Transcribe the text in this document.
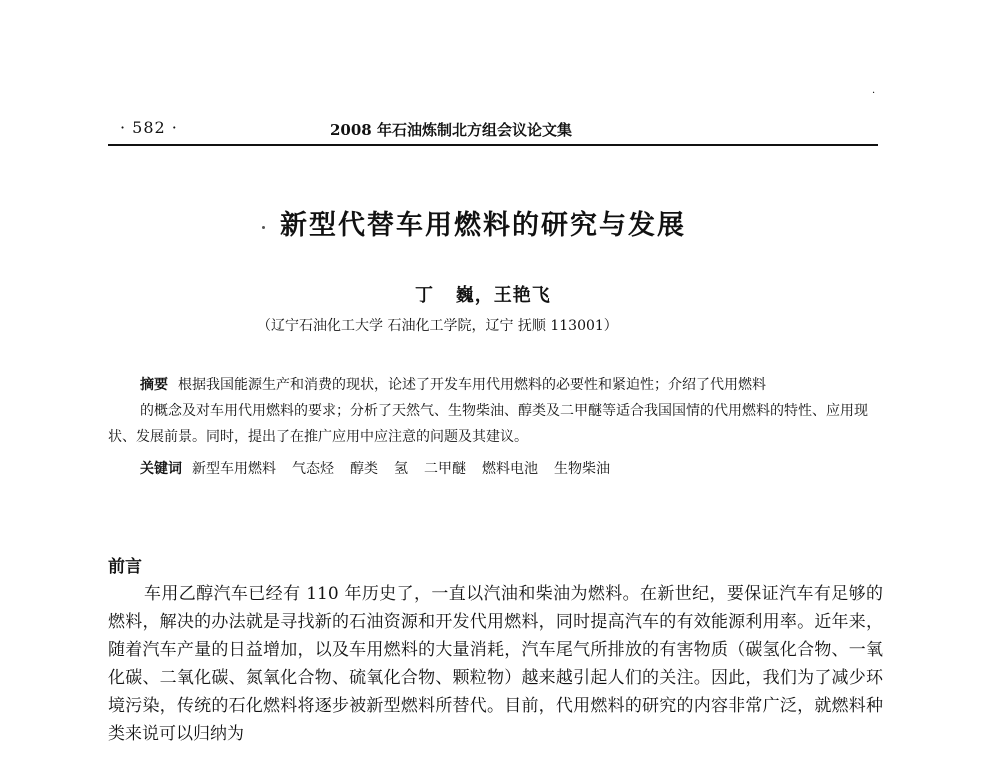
· 582 ·	2008 年石油炼制北方组会议论文集
·
新型代替车用燃料的研究与发展
丁   巍，王艳飞
（辽宁石油化工大学 石油化工学院，辽宁 抚顺 113001）

摘要 根据我国能源生产和消费的现状，论述了开发车用代用燃料的必要性和紧迫性；介绍了代用燃料

的概念及对车用代用燃料的要求；分析了天然气、生物柴油、醇类及二甲醚等适合我国国情的代用燃料的特性、应用现状、发展前景。同时，提出了在推广应用中应注意的问题及其建议。

关键词 新型车用燃料 气态烃 醇类 氢 二甲醚 燃料电池 生物柴油

前言

车用乙醇汽车已经有 110 年历史了，一直以汽油和柴油为燃料。在新世纪，要保证汽车有足够的燃料，解决的办法就是寻找新的石油资源和开发代用燃料，同时提高汽车的有效能源利用率。近年来，随着汽车产量的日益增加，以及车用燃料的大量消耗，汽车尾气所排放的有害物质（碳氢化合物、一氧化碳、二氧化碳、氮氧化合物、硫氧化合物、颗粒物）越来越引起人们的关注。因此，我们为了减少环境污染，传统的石化燃料将逐步被新型燃料所替代。目前，代用燃料的研究的内容非常广泛，就燃料种类来说可以归纳为
